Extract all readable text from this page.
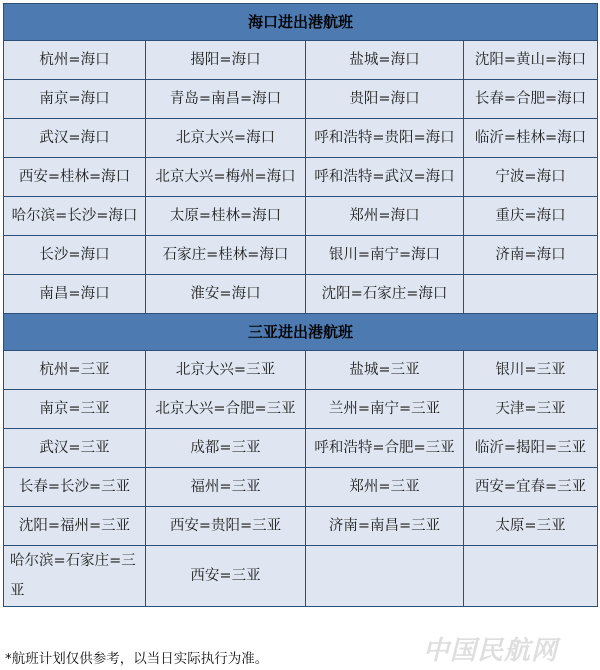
海口进出港航班			
杭州=海口	揭阳=海口	盐城=海口	沈阳=黄山=海口
南京=海口	青岛=南昌=海口	贵阳=海口	长春=合肥=海口
武汉=海口	北京大兴=海口	呼和浩特=贵阳=海口	临沂=桂林=海口
西安=桂林=海口	北京大兴=梅州=海口	呼和浩特=武汉=海口	宁波=海口
哈尔滨=长沙=海口	太原=桂林=海口	郑州=海口	重庆=海口
长沙=海口	石家庄=桂林=海口	银川=南宁=海口	济南=海口
南昌=海口	淮安=海口	沈阳=石家庄=海口	
三亚进出港航班			
杭州=三亚	北京大兴=三亚	盐城=三亚	银川=三亚
南京=三亚	北京大兴=合肥=三亚	兰州=南宁=三亚	天津=三亚
武汉=三亚	成都=三亚	呼和浩特=合肥=三亚	临沂=揭阳=三亚
长春=长沙=三亚	福州=三亚	郑州=三亚	西安=宜春=三亚
沈阳=福州=三亚	西安=贵阳=三亚	济南=南昌=三亚	太原=三亚
哈尔滨=石家庄=三亚	西安=三亚		
*航班计划仅供参考，以当日实际执行为准。	中国民航网
